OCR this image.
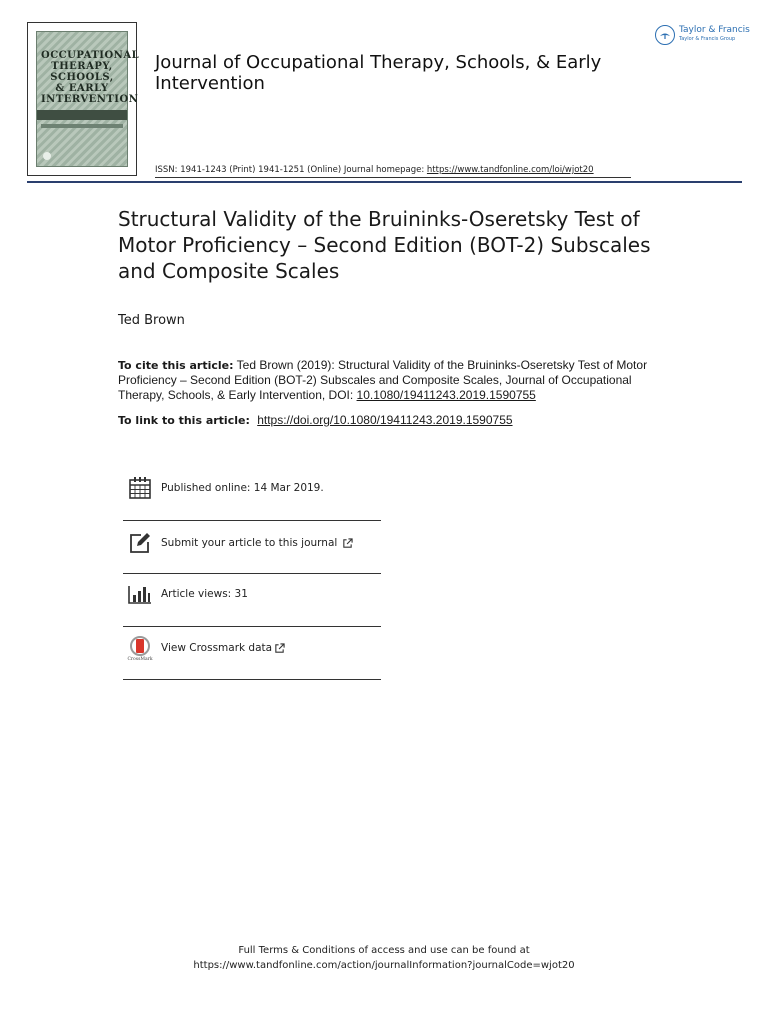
OCCUPATIONAL
THERAPY,
SCHOOLS,
& EARLY
INTERVENTION
Journal of Occupational Therapy, Schools, & Early Intervention
Taylor & Francis
Taylor & Francis Group
ISSN: 1941-1243 (Print) 1941-1251 (Online) Journal homepage: https://www.tandfonline.com/loi/wjot20
Structural Validity of the Bruininks-Oseretsky Test of Motor Proficiency – Second Edition (BOT-2) Subscales and Composite Scales
Ted Brown
To cite this article: Ted Brown (2019): Structural Validity of the Bruininks-Oseretsky Test of Motor Proficiency – Second Edition (BOT-2) Subscales and Composite Scales, Journal of Occupational Therapy, Schools, & Early Intervention, DOI: 10.1080/19411243.2019.1590755
To link to this article: https://doi.org/10.1080/19411243.2019.1590755
Published online: 14 Mar 2019.
Submit your article to this journal
Article views: 31
CrossMark
View Crossmark data
Full Terms & Conditions of access and use can be found at
https://www.tandfonline.com/action/journalInformation?journalCode=wjot20
